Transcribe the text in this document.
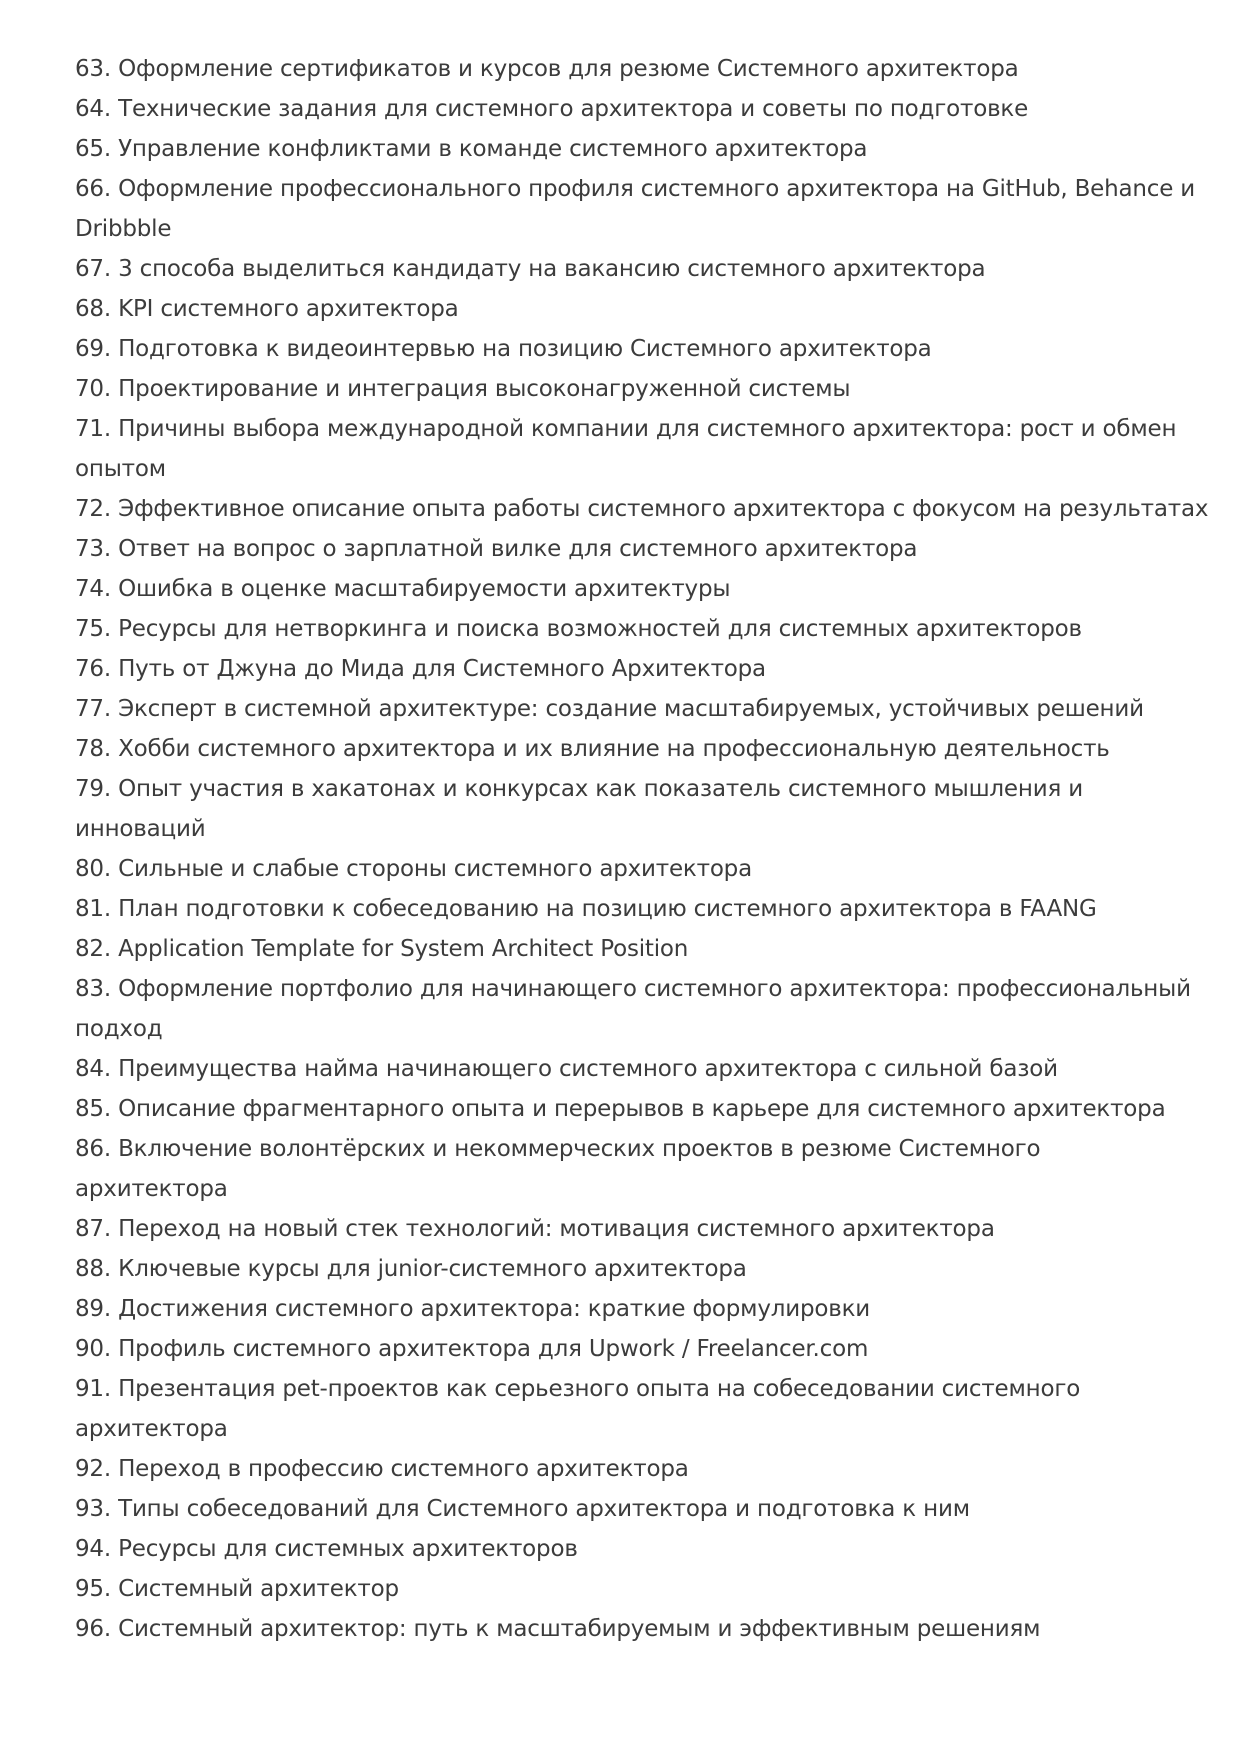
63. Оформление сертификатов и курсов для резюме Системного архитектора
64. Технические задания для системного архитектора и советы по подготовке
65. Управление конфликтами в команде системного архитектора
66. Оформление профессионального профиля системного архитектора на GitHub, Behance и
Dribbble
67. 3 способа выделиться кандидату на вакансию системного архитектора
68. KPI системного архитектора
69. Подготовка к видеоинтервью на позицию Системного архитектора
70. Проектирование и интеграция высоконагруженной системы
71. Причины выбора международной компании для системного архитектора: рост и обмен
опытом
72. Эффективное описание опыта работы системного архитектора с фокусом на результатах
73. Ответ на вопрос о зарплатной вилке для системного архитектора
74. Ошибка в оценке масштабируемости архитектуры
75. Ресурсы для нетворкинга и поиска возможностей для системных архитекторов
76. Путь от Джуна до Мида для Системного Архитектора
77. Эксперт в системной архитектуре: создание масштабируемых, устойчивых решений
78. Хобби системного архитектора и их влияние на профессиональную деятельность
79. Опыт участия в хакатонах и конкурсах как показатель системного мышления и
инноваций
80. Сильные и слабые стороны системного архитектора
81. План подготовки к собеседованию на позицию системного архитектора в FAANG
82. Application Template for System Architect Position
83. Оформление портфолио для начинающего системного архитектора: профессиональный
подход
84. Преимущества найма начинающего системного архитектора с сильной базой
85. Описание фрагментарного опыта и перерывов в карьере для системного архитектора
86. Включение волонтёрских и некоммерческих проектов в резюме Системного
архитектора
87. Переход на новый стек технологий: мотивация системного архитектора
88. Ключевые курсы для junior-системного архитектора
89. Достижения системного архитектора: краткие формулировки
90. Профиль системного архитектора для Upwork / Freelancer.com
91. Презентация pet-проектов как серьезного опыта на собеседовании системного
архитектора
92. Переход в профессию системного архитектора
93. Типы собеседований для Системного архитектора и подготовка к ним
94. Ресурсы для системных архитекторов
95. Системный архитектор
96. Системный архитектор: путь к масштабируемым и эффективным решениям
